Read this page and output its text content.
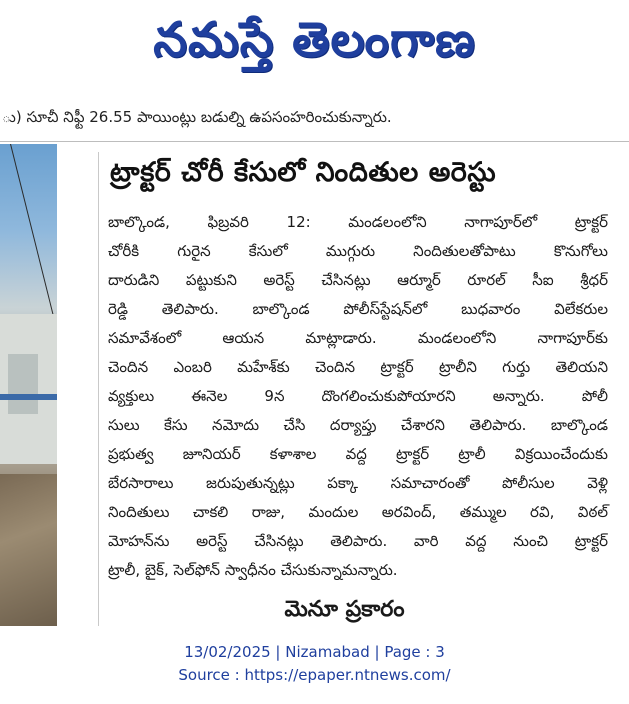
నమస్తే తెలంగాణ
ు) సూచీ నిఫ్టీ 26.55 పాయింట్లు బడుల్ని ఉపసంహరించుకున్నారు.
ట్రాక్టర్ చోరీ కేసులో నిందితుల అరెస్టు
బాల్కొండ, ఫిబ్రవరి 12: మండలంలోని నాగాపూర్‌లో ట్రాక్టర్
చోరీకి గురైన కేసులో ముగ్గురు నిందితులతోపాటు కొనుగోలు
దారుడిని పట్టుకుని అరెస్ట్ చేసినట్లు ఆర్మూర్ రూరల్ సీఐ శ్రీధర్
రెడ్డి తెలిపారు. బాల్కొండ పోలీస్‌స్టేషన్‌లో బుధవారం విలేకరుల
సమావేశంలో ఆయన మాట్లాడారు. మండలంలోని నాగాపూర్‌కు
చెందిన ఎంబరి మహేశ్‌కు చెందిన ట్రాక్టర్ ట్రాలీని గుర్తు తెలియని
వ్యక్తులు ఈనెల 9న దొంగలించుకుపోయారని అన్నారు. పోలీ
సులు కేసు నమోదు చేసి దర్యాప్తు చేశారని తెలిపారు. బాల్కొండ
ప్రభుత్వ జూనియర్ కళాశాల వద్ద ట్రాక్టర్ ట్రాలీ విక్రయించేందుకు
బేరసారాలు జరుపుతున్నట్లు పక్కా సమాచారంతో పోలీసుల వెళ్లి
నిందితులు చాకలి రాజు, మందుల అరవింద్, తమ్ముల రవి, విఠల్
మోహన్‌ను అరెస్ట్ చేసినట్లు తెలిపారు. వారి వద్ద నుంచి ట్రాక్టర్
ట్రాలీ, బైక్, సెల్‌ఫోన్ స్వాధీనం చేసుకున్నామన్నారు.
మెనూ ప్రకారం
13/02/2025 | Nizamabad | Page : 3
Source : https://epaper.ntnews.com/
